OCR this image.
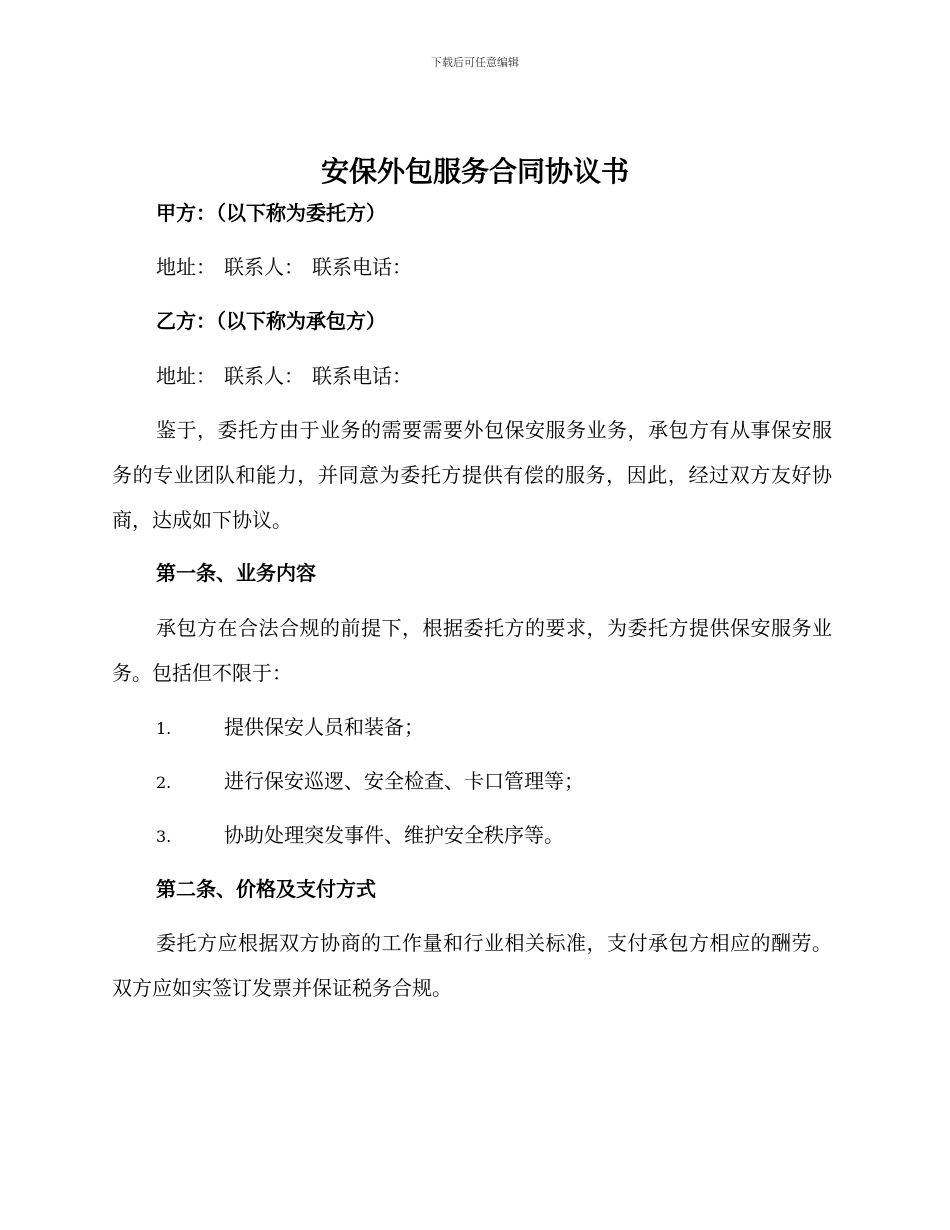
下载后可任意编辑
安保外包服务合同协议书
甲方：（以下称为委托方）
地址： 联系人： 联系电话：
乙方：（以下称为承包方）
地址： 联系人： 联系电话：
鉴于，委托方由于业务的需要需要外包保安服务业务，承包方有从事保安服务的专业团队和能力，并同意为委托方提供有偿的服务，因此，经过双方友好协商，达成如下协议。
第一条、业务内容
承包方在合法合规的前提下，根据委托方的要求，为委托方提供保安服务业务。包括但不限于：
1.	提供保安人员和装备；
2.	进行保安巡逻、安全检查、卡口管理等；
3.	协助处理突发事件、维护安全秩序等。
第二条、价格及支付方式
委托方应根据双方协商的工作量和行业相关标准，支付承包方相应的酬劳。双方应如实签订发票并保证税务合规。
